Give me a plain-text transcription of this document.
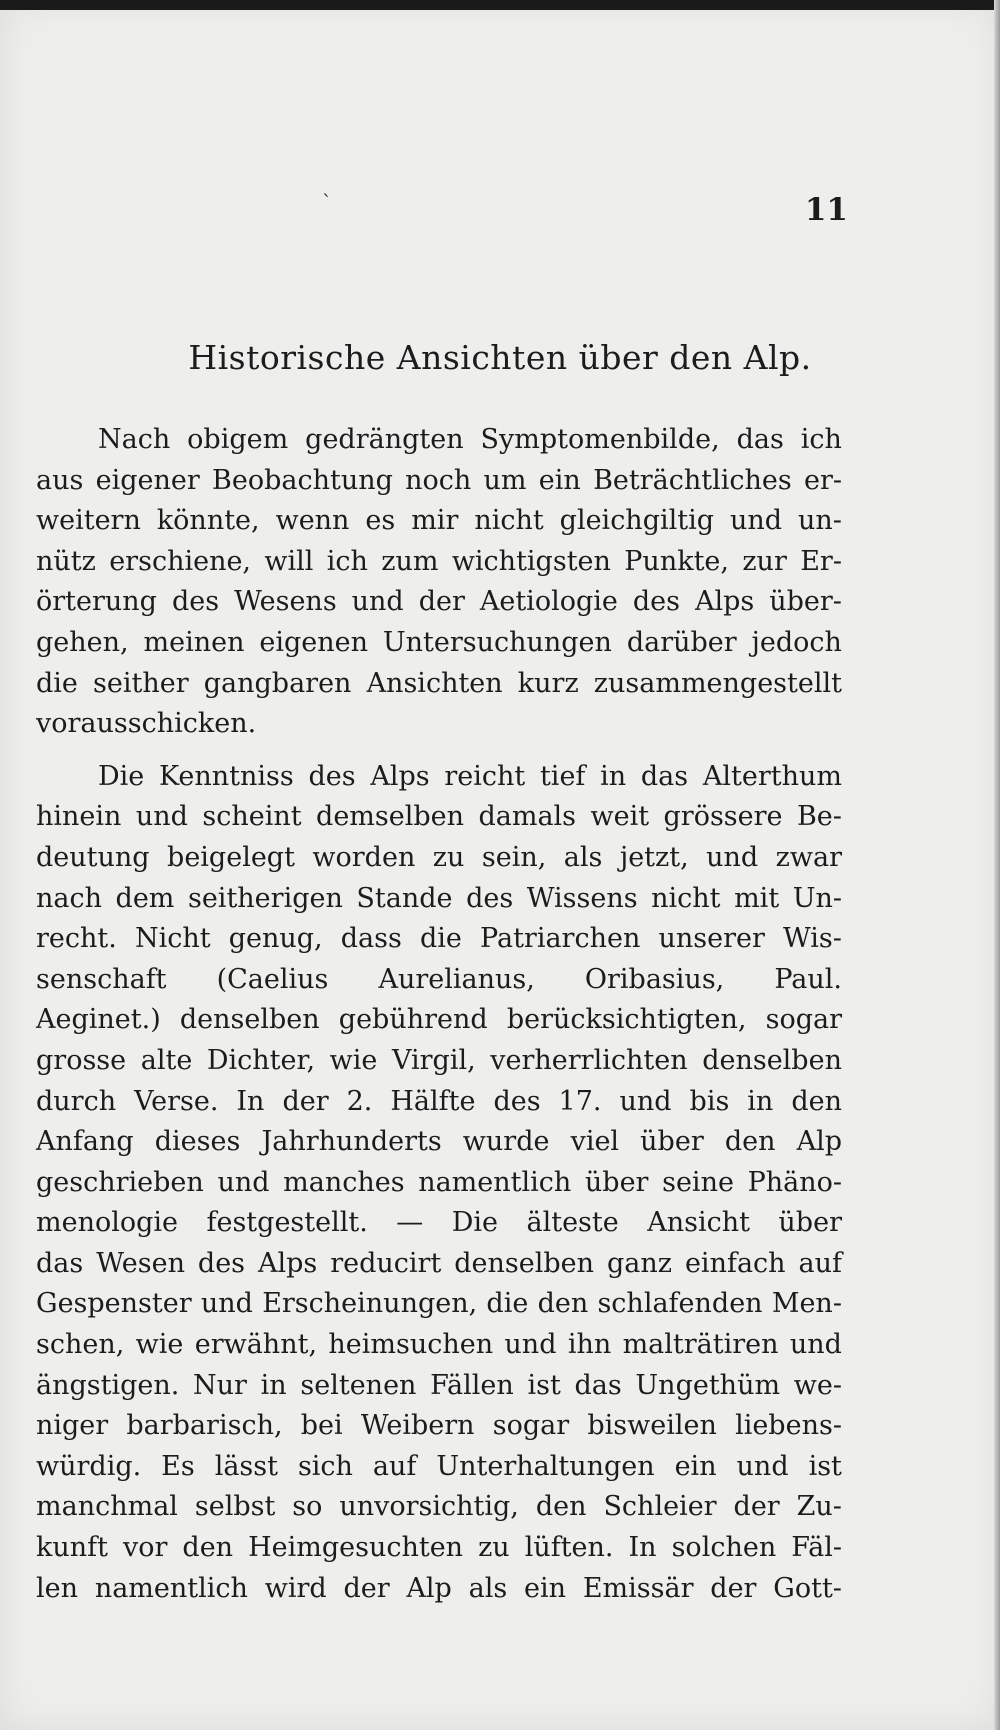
`	11
Historische Ansichten über den Alp.
Nach obigem gedrängten Symptomenbilde, das ich
aus eigener Beobachtung noch um ein Beträchtliches er-
weitern könnte, wenn es mir nicht gleichgiltig und un-
nütz erschiene, will ich zum wichtigsten Punkte, zur Er-
örterung des Wesens und der Aetiologie des Alps über-
gehen, meinen eigenen Untersuchungen darüber jedoch
die seither gangbaren Ansichten kurz zusammengestellt
vorausschicken.
Die Kenntniss des Alps reicht tief in das Alterthum
hinein und scheint demselben damals weit grössere Be-
deutung beigelegt worden zu sein, als jetzt, und zwar
nach dem seitherigen Stande des Wissens nicht mit Un-
recht. Nicht genug, dass die Patriarchen unserer Wis-
senschaft (Caelius Aurelianus, Oribasius, Paul.
Aeginet.) denselben gebührend berücksichtigten, sogar
grosse alte Dichter, wie Virgil, verherrlichten denselben
durch Verse. In der 2. Hälfte des 17. und bis in den
Anfang dieses Jahrhunderts wurde viel über den Alp
geschrieben und manches namentlich über seine Phäno-
menologie festgestellt. — Die älteste Ansicht über
das Wesen des Alps reducirt denselben ganz einfach auf
Gespenster und Erscheinungen, die den schlafenden Men-
schen, wie erwähnt, heimsuchen und ihn malträtiren und
ängstigen. Nur in seltenen Fällen ist das Ungethüm we-
niger barbarisch, bei Weibern sogar bisweilen liebens-
würdig. Es lässt sich auf Unterhaltungen ein und ist
manchmal selbst so unvorsichtig, den Schleier der Zu-
kunft vor den Heimgesuchten zu lüften. In solchen Fäl-
len namentlich wird der Alp als ein Emissär der Gott-
